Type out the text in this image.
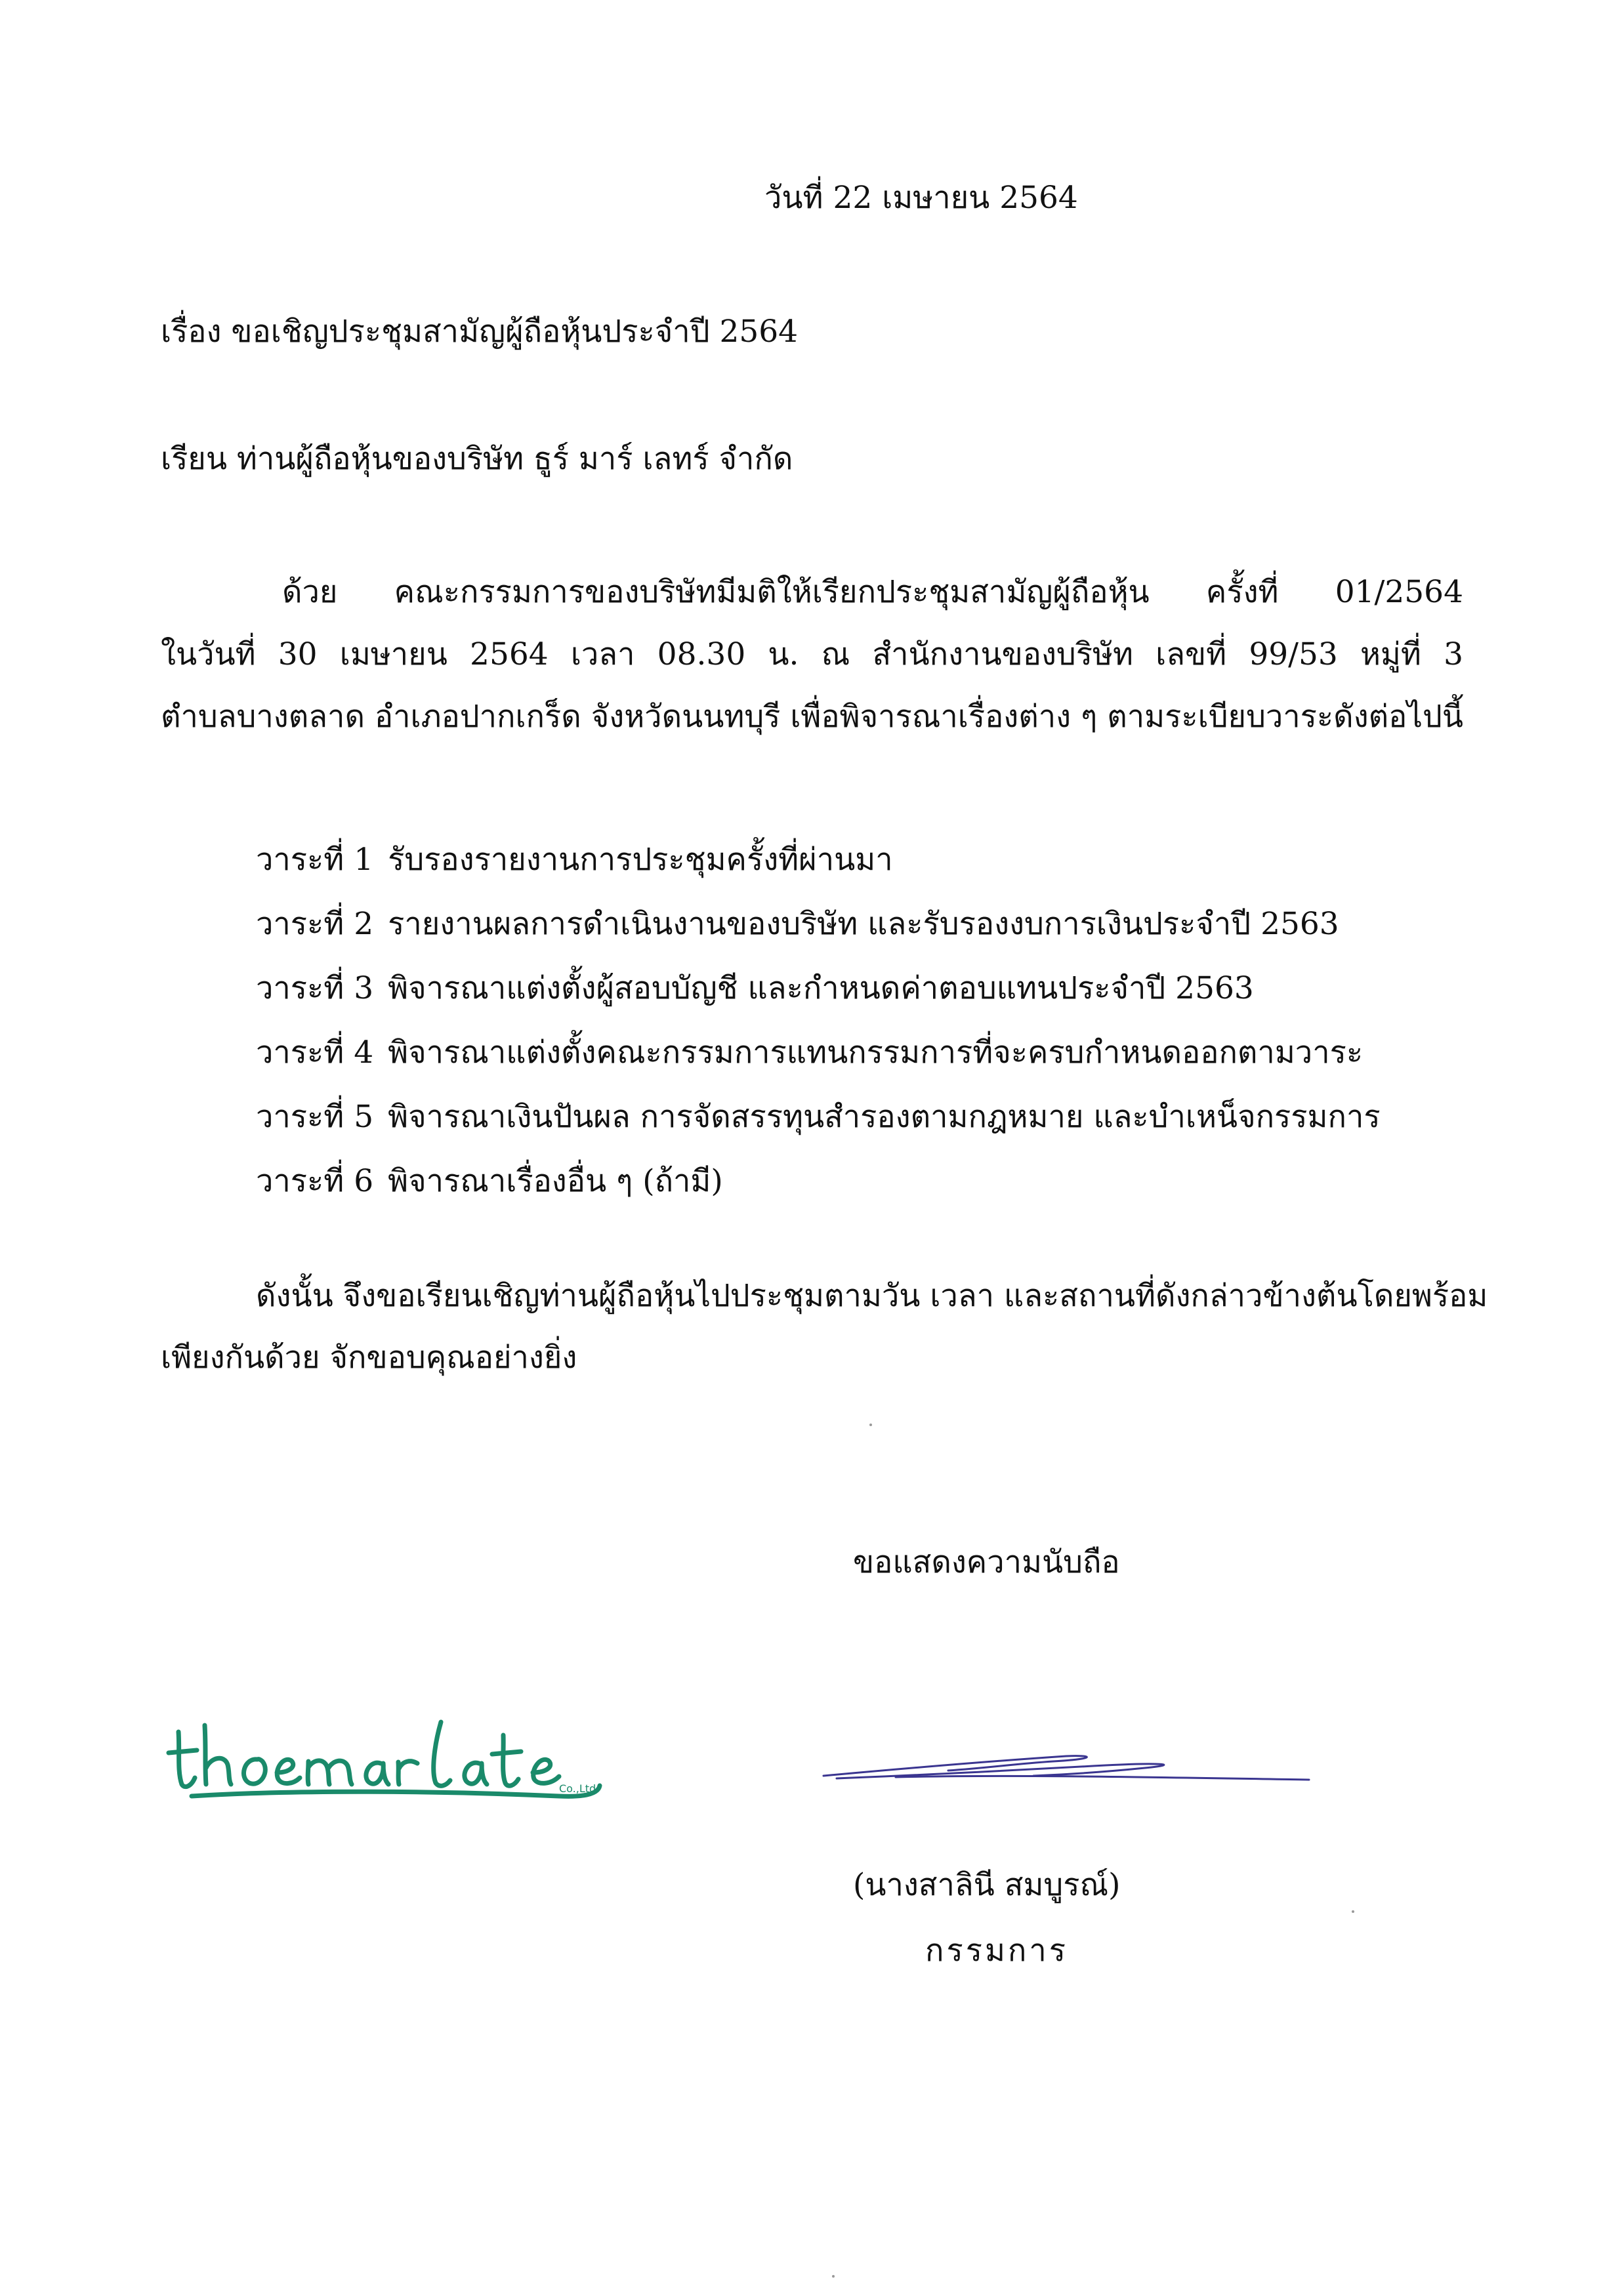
วันที่ 22 เมษายน 2564
เรื่อง ขอเชิญประชุมสามัญผู้ถือหุ้นประจำปี 2564
เรียน ท่านผู้ถือหุ้นของบริษัท ธูร์ มาร์ เลทร์ จำกัด
ด้วย คณะกรรมการของบริษัทมีมติให้เรียกประชุมสามัญผู้ถือหุ้น ครั้งที่ 01/2564
ในวันที่ 30 เมษายน 2564 เวลา 08.30 น. ณ สำนักงานของบริษัท เลขที่ 99/53 หมู่ที่ 3
ตำบลบางตลาด อำเภอปากเกร็ด จังหวัดนนทบุรี เพื่อพิจารณาเรื่องต่าง ๆ ตามระเบียบวาระดังต่อไปนี้
วาระที่ 1 รับรองรายงานการประชุมครั้งที่ผ่านมา
วาระที่ 2 รายงานผลการดำเนินงานของบริษัท และรับรองงบการเงินประจำปี 2563
วาระที่ 3 พิจารณาแต่งตั้งผู้สอบบัญชี และกำหนดค่าตอบแทนประจำปี 2563
วาระที่ 4 พิจารณาแต่งตั้งคณะกรรมการแทนกรรมการที่จะครบกำหนดออกตามวาระ
วาระที่ 5 พิจารณาเงินปันผล การจัดสรรทุนสำรองตามกฎหมาย และบำเหน็จกรรมการ
วาระที่ 6 พิจารณาเรื่องอื่น ๆ (ถ้ามี)
ดังนั้น จึงขอเรียนเชิญท่านผู้ถือหุ้นไปประชุมตามวัน เวลา และสถานที่ดังกล่าวข้างต้นโดยพร้อม
เพียงกันด้วย จักขอบคุณอย่างยิ่ง
ขอแสดงความนับถือ
Co.,Ltd.
(นางสาลินี สมบูรณ์)
กรรมการ
